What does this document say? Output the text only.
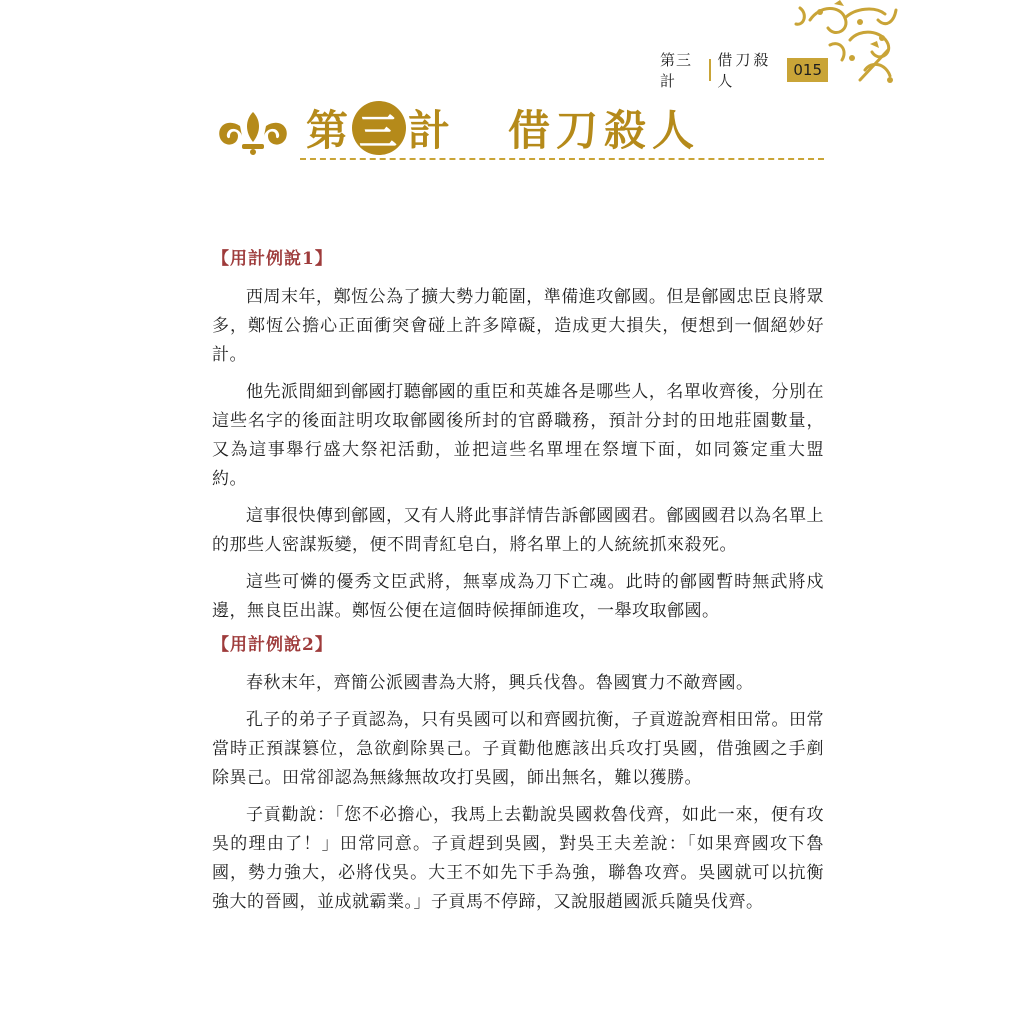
第三計
借刀殺人
015
第 三 計 借刀殺人
【用計例說1】

西周末年，鄭恆公為了擴大勢力範圍，準備進攻鄶國。但是鄶國忠臣良將眾多，鄭恆公擔心正面衝突會碰上許多障礙，造成更大損失，便想到一個絕妙好計。

他先派間細到鄶國打聽鄶國的重臣和英雄各是哪些人，名單收齊後，分別在這些名字的後面註明攻取鄶國後所封的官爵職務，預計分封的田地莊園數量，又為這事舉行盛大祭祀活動，並把這些名單埋在祭壇下面，如同簽定重大盟約。

這事很快傳到鄶國，又有人將此事詳情告訴鄶國國君。鄶國國君以為名單上的那些人密謀叛變，便不問青紅皂白，將名單上的人統統抓來殺死。

這些可憐的優秀文臣武將，無辜成為刀下亡魂。此時的鄶國暫時無武將戍邊，無良臣出謀。鄭恆公便在這個時候揮師進攻，一舉攻取鄶國。

【用計例說2】

春秋末年，齊簡公派國書為大將，興兵伐魯。魯國實力不敵齊國。

孔子的弟子子貢認為，只有吳國可以和齊國抗衡，子貢遊說齊相田常。田常當時正預謀篡位，急欲剷除異己。子貢勸他應該出兵攻打吳國，借強國之手剷除異己。田常卻認為無緣無故攻打吳國，師出無名，難以獲勝。

子貢勸說：「您不必擔心，我馬上去勸說吳國救魯伐齊，如此一來，便有攻吳的理由了！」田常同意。子貢趕到吳國，對吳王夫差說：「如果齊國攻下魯國，勢力強大，必將伐吳。大王不如先下手為強，聯魯攻齊。吳國就可以抗衡強大的晉國，並成就霸業。」子貢馬不停蹄，又說服趙國派兵隨吳伐齊。
